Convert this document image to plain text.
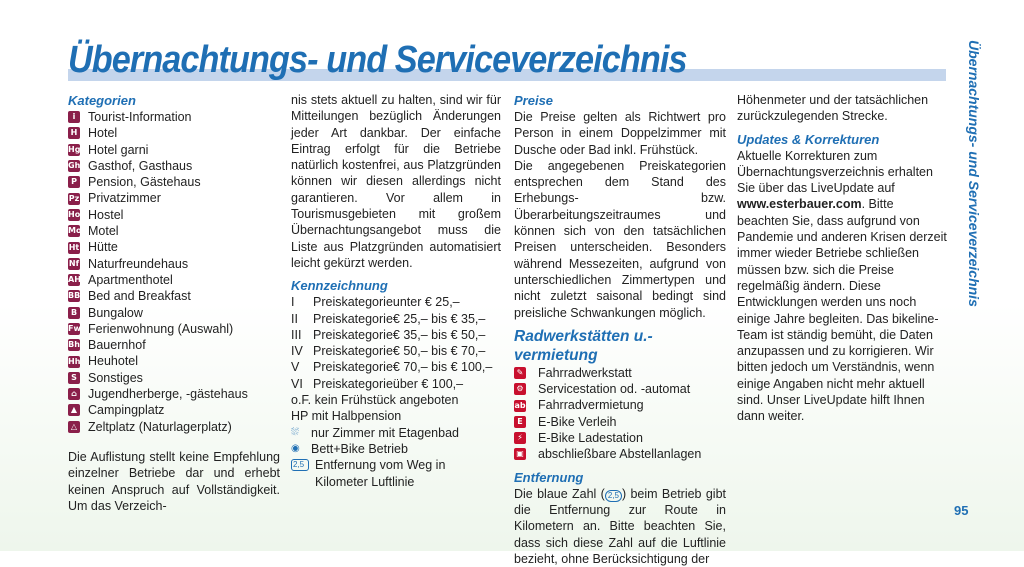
Übernachtungs- und Serviceverzeichnis	Übernachtungs- und Serviceverzeichnis
95
Kategorien
i	Tourist-Information
H Hotel
Hg Hotel garni
Gh Gasthof, Gasthaus
P Pension, Gästehaus
Pz Privatzimmer
Ho Hostel
Mo Motel
Ht Hütte
Nf Naturfreundehaus
AH Apartmenthotel
BB Bed and Breakfast
B Bungalow
Fw Ferienwohnung (Auswahl)
Bh Bauernhof
Hh Heuhotel
S Sonstiges
⌂ Jugendherberge, -gästehaus
▲ Campingplatz
△ Zeltplatz (Naturlagerplatz)
Die Auflistung stellt keine Empfehlung einzelner Betriebe dar und erhebt keinen Anspruch auf Vollständigkeit. Um das Verzeich-
nis stets aktuell zu halten, sind wir für Mitteilungen bezüglich Änderungen jeder Art dankbar. Der einfache Eintrag erfolgt für die Betriebe natürlich kostenfrei, aus Platzgründen können wir diesen allerdings nicht garantieren. Vor allem in Tourismusgebieten mit großem Übernachtungsangebot muss die Liste aus Platzgründen automatisiert leicht gekürzt werden.
Kennzeichnung
I	Preiskategorie	unter € 25,–
II	Preiskategorie	€ 25,– bis € 35,–
III	Preiskategorie	€ 35,– bis € 50,–
IV	Preiskategorie	€ 50,– bis € 70,–
V	Preiskategorie	€ 70,– bis € 100,–
VI	Preiskategorie	über € 100,–
o.F. kein Frühstück angeboten
HP mit Halbpension
⛆ nur Zimmer mit Etagenbad
◉ Bett+Bike Betrieb
2,5 Entfernung vom Weg in Kilometer Luftlinie
Preise
Die Preise gelten als Richtwert pro Person in einem Doppelzimmer mit Dusche oder Bad inkl. Frühstück.
Die angegebenen Preiskategorien entsprechen dem Stand des Erhebungs- bzw. Überarbeitungszeitraumes und können sich von den tatsächlichen Preisen unterscheiden. Besonders während Messezeiten, aufgrund von unterschiedlichen Zimmertypen und nicht zuletzt saisonal bedingt sind preisliche Schwankungen möglich.
Radwerkstätten u.-vermietung
✎ Fahrradwerkstatt
⚙ Servicestation od. -automat
ab Fahrradvermietung
E E-Bike Verleih
⚡ E-Bike Ladestation
▣ abschließbare Abstellanlagen
Entfernung
Die blaue Zahl ( 2,5 ) beim Betrieb gibt die Entfernung zur Route in Kilometern an. Bitte beachten Sie, dass sich diese Zahl auf die Luftlinie bezieht, ohne Berücksichtigung der
Höhenmeter und der tatsächlichen zurückzulegenden Strecke.
Updates & Korrekturen
Aktuelle Korrekturen zum Übernachtungsverzeichnis erhalten Sie über das LiveUpdate auf www.esterbauer.com. Bitte beachten Sie, dass aufgrund von Pandemie und anderen Krisen derzeit immer wieder Betriebe schließen müssen bzw. sich die Preise regelmäßig ändern. Diese Entwicklungen werden uns noch einige Jahre begleiten. Das bikeline-Team ist ständig bemüht, die Daten anzupassen und zu korrigieren. Wir bitten jedoch um Verständnis, wenn einige Angaben nicht mehr aktuell sind. Unser LiveUpdate hilft Ihnen dann weiter.
